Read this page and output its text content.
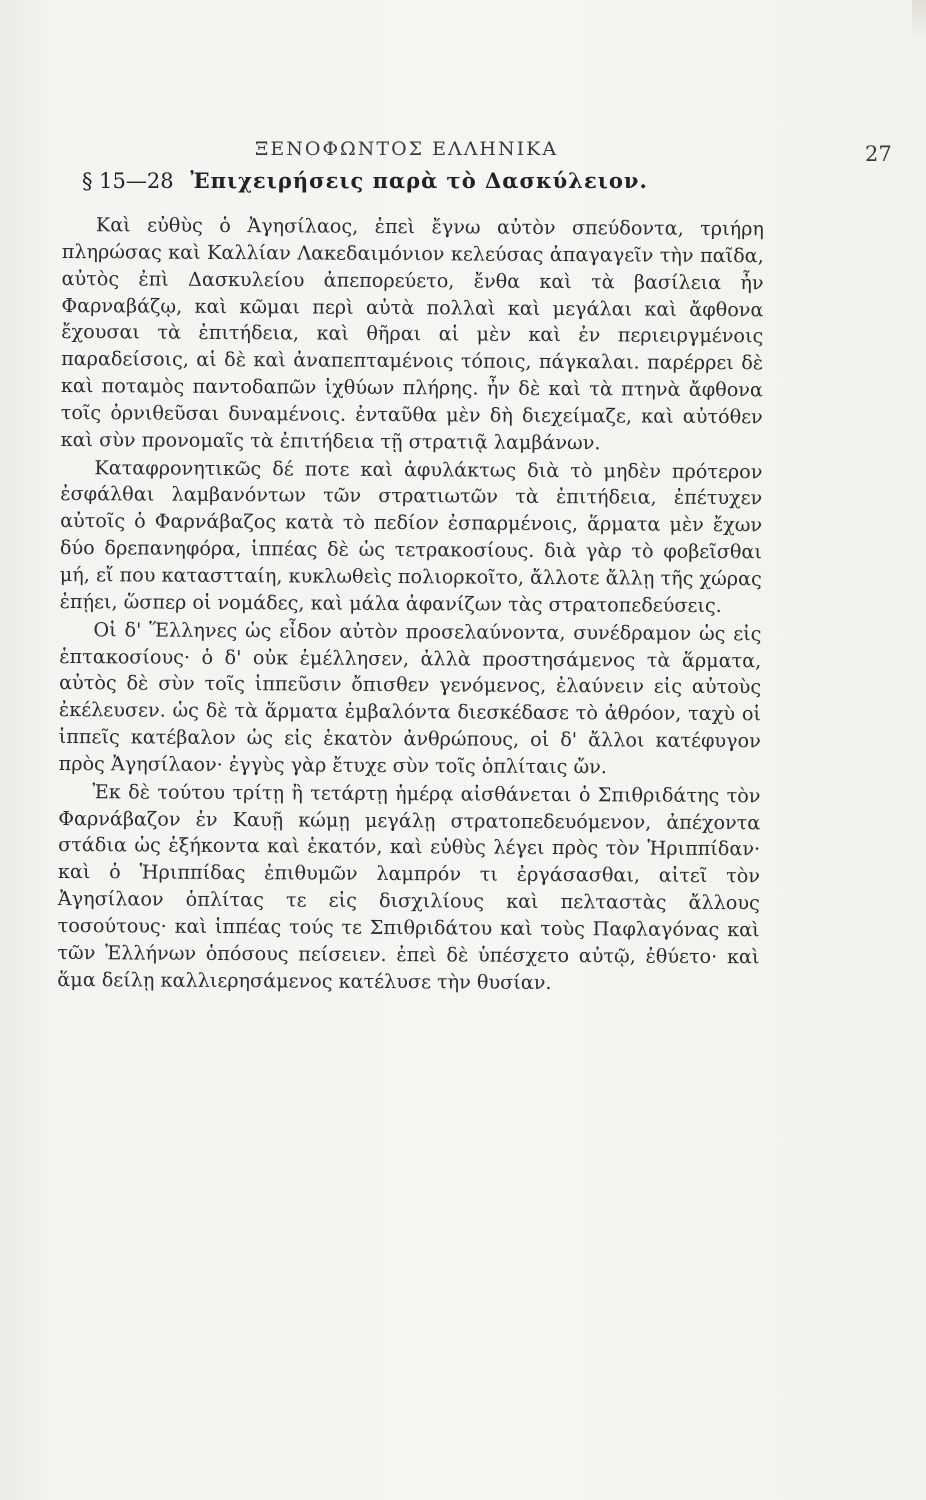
ΞΕΝΟΦΩΝΤΟΣ ΕΛΛΗΝΙΚΑ	27
§ 15—28 Ἐπιχειρήσεις παρὰ τὸ Δασκύλειον.

Καὶ εὐθὺς ὁ Ἀγησίλαος, ἐπεὶ ἔγνω αὐτὸν σπεύδοντα, τριήρη πληρώσας καὶ Καλλίαν Λακεδαιμόνιον κελεύσας ἀπαγαγεῖν τὴν παῖδα, αὐτὸς ἐπὶ Δασκυλείου ἀπεπορεύετο, ἔνθα καὶ τὰ βασίλεια ἦν Φαρναβάζῳ, καὶ κῶμαι περὶ αὐτὰ πολλαὶ καὶ μεγάλαι καὶ ἄφθονα ἔχουσαι τὰ ἐπιτήδεια, καὶ θῆραι αἱ μὲν καὶ ἐν περιειργμένοις παραδείσοις, αἱ δὲ καὶ ἀναπεπταμένοις τόποις, πάγκαλαι. παρέρρει δὲ καὶ ποταμὸς παντοδαπῶν ἰχθύων πλήρης. ἦν δὲ καὶ τὰ πτηνὰ ἄφθονα τοῖς ὀρνιθεῦσαι δυναμένοις. ἐνταῦθα μὲν δὴ διεχείμαζε, καὶ αὐτόθεν καὶ σὺν προνομαῖς τὰ ἐπιτήδεια τῇ στρατιᾷ λαμβάνων.

Καταφρονητικῶς δέ ποτε καὶ ἀφυλάκτως διὰ τὸ μηδὲν πρότερον ἐσφάλθαι λαμβανόντων τῶν στρατιωτῶν τὰ ἐπιτήδεια, ἐπέτυχεν αὐτοῖς ὁ Φαρνάβαζος κατὰ τὸ πεδίον ἐσπαρμένοις, ἅρματα μὲν ἔχων δύο δρεπανηφόρα, ἱππέας δὲ ὡς τετρακοσίους. διὰ γὰρ τὸ φοβεῖσθαι μή, εἴ που καταστταίη, κυκλωθεὶς πολιορκοῖτο, ἄλλοτε ἄλλῃ τῆς χώρας ἐπῄει, ὥσπερ οἱ νομάδες, καὶ μάλα ἀφανίζων τὰς στρατοπεδεύσεις.

Οἱ δ' Ἕλληνες ὡς εἶδον αὐτὸν προσελαύνοντα, συνέδραμον ὡς εἰς ἑπτακοσίους· ὁ δ' οὐκ ἐμέλλησεν, ἀλλὰ προστησάμενος τὰ ἅρματα, αὐτὸς δὲ σὺν τοῖς ἱππεῦσιν ὄπισθεν γενόμενος, ἐλαύνειν εἰς αὐτοὺς ἐκέλευσεν. ὡς δὲ τὰ ἅρματα ἐμβαλόντα διεσκέδασε τὸ ἀθρόον, ταχὺ οἱ ἱππεῖς κατέβαλον ὡς εἰς ἑκατὸν ἀνθρώπους, οἱ δ' ἄλλοι κατέφυγον πρὸς Ἀγησίλαον· ἐγγὺς γὰρ ἔτυχε σὺν τοῖς ὁπλίταις ὤν.

Ἐκ δὲ τούτου τρίτῃ ἢ τετάρτῃ ἡμέρᾳ αἰσθάνεται ὁ Σπιθριδάτης τὸν Φαρνάβαζον ἐν Καυῇ κώμῃ μεγάλῃ στρατοπεδευόμενον, ἀπέχοντα στάδια ὡς ἑξήκοντα καὶ ἑκατόν, καὶ εὐθὺς λέγει πρὸς τὸν Ἡριππίδαν· καὶ ὁ Ἡριππίδας ἐπιθυμῶν λαμπρόν τι ἐργάσασθαι, αἰτεῖ τὸν Ἀγησίλαον ὁπλίτας τε εἰς δισχιλίους καὶ πελταστὰς ἄλλους τοσούτους· καὶ ἱππέας τούς τε Σπιθριδάτου καὶ τοὺς Παφλαγόνας καὶ τῶν Ἑλλήνων ὁπόσους πείσειεν. ἐπεὶ δὲ ὑπέσχετο αὐτῷ, ἐθύετο· καὶ ἅμα δείλῃ καλλιερησάμενος κατέλυσε τὴν θυσίαν.
